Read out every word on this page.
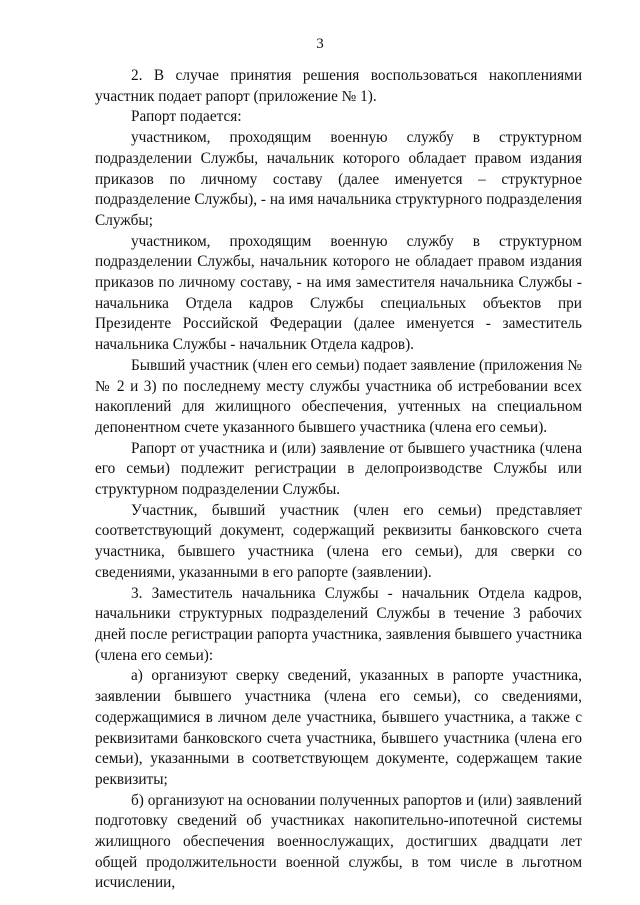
3

2. В случае принятия решения воспользоваться накоплениями участник подает рапорт (приложение № 1).

Рапорт подается:

участником, проходящим военную службу в структурном подразделении Службы, начальник которого обладает правом издания приказов по личному составу (далее именуется – структурное подразделение Службы), - на имя начальника структурного подразделения Службы;

участником, проходящим военную службу в структурном подразделении Службы, начальник которого не обладает правом издания приказов по личному составу, - на имя заместителя начальника Службы - начальника Отдела кадров Службы специальных объектов при Президенте Российской Федерации (далее именуется - заместитель начальника Службы - начальник Отдела кадров).

Бывший участник (член его семьи) подает заявление (приложения №№ 2 и 3) по последнему месту службы участника об истребовании всех накоплений для жилищного обеспечения, учтенных на специальном депонентном счете указанного бывшего участника (члена его семьи).

Рапорт от участника и (или) заявление от бывшего участника (члена его семьи) подлежит регистрации в делопроизводстве Службы или структурном подразделении Службы.

Участник, бывший участник (член его семьи) представляет соответствующий документ, содержащий реквизиты банковского счета участника, бывшего участника (члена его семьи), для сверки со сведениями, указанными в его рапорте (заявлении).

3. Заместитель начальника Службы - начальник Отдела кадров, начальники структурных подразделений Службы в течение 3 рабочих дней после регистрации рапорта участника, заявления бывшего участника (члена его семьи):

а) организуют сверку сведений, указанных в рапорте участника, заявлении бывшего участника (члена его семьи), со сведениями, содержащимися в личном деле участника, бывшего участника, а также с реквизитами банковского счета участника, бывшего участника (члена его семьи), указанными в соответствующем документе, содержащем такие реквизиты;

б) организуют на основании полученных рапортов и (или) заявлений подготовку сведений об участниках накопительно-ипотечной системы жилищного обеспечения военнослужащих, достигших двадцати лет общей продолжительности военной службы, в том числе в льготном исчислении,
